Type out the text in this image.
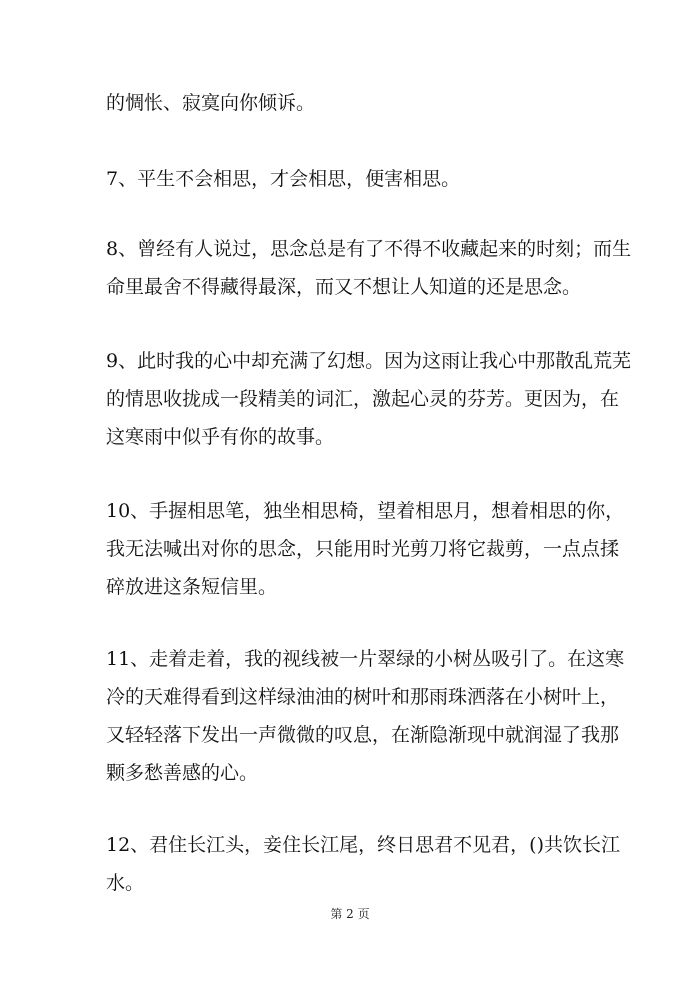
的惆怅、寂寞向你倾诉。
7、平生不会相思，才会相思，便害相思。
8、曾经有人说过，思念总是有了不得不收藏起来的时刻；而生
命里最舍不得藏得最深，而又不想让人知道的还是思念。
9、此时我的心中却充满了幻想。因为这雨让我心中那散乱荒芜
的情思收拢成一段精美的词汇，激起心灵的芬芳。更因为，在
这寒雨中似乎有你的故事。
10、手握相思笔，独坐相思椅，望着相思月，想着相思的你，
我无法喊出对你的思念，只能用时光剪刀将它裁剪，一点点揉
碎放进这条短信里。
11、走着走着，我的视线被一片翠绿的小树丛吸引了。在这寒
冷的天难得看到这样绿油油的树叶和那雨珠洒落在小树叶上，
又轻轻落下发出一声微微的叹息，在渐隐渐现中就润湿了我那
颗多愁善感的心。
12、君住长江头，妾住长江尾，终日思君不见君，()共饮长江
水。
第 2 页
